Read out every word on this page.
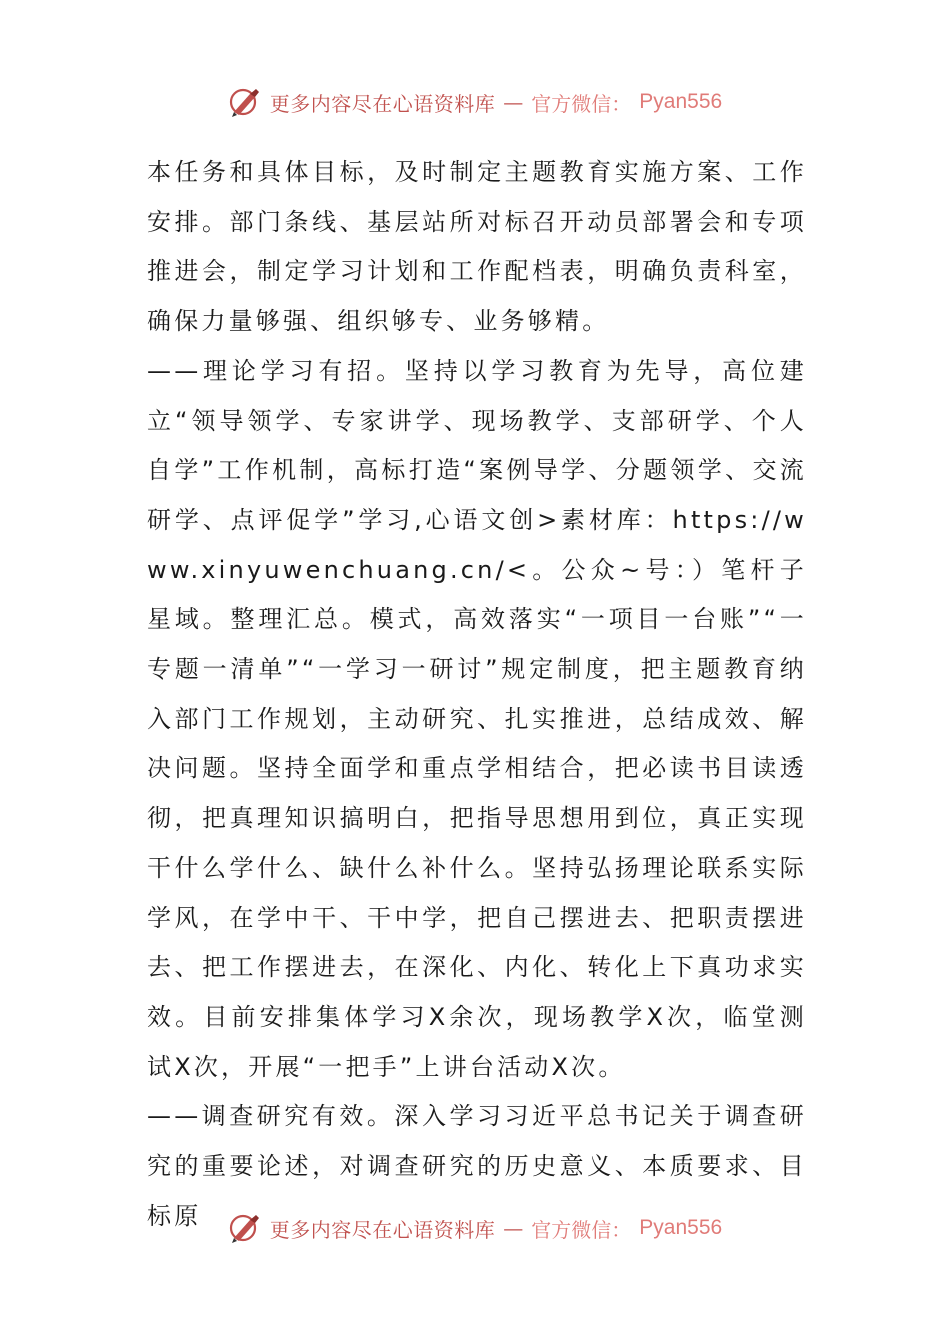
更多内容尽在心语资料库 — 官方微信： Pyan556

本任务和具体目标，及时制定主题教育实施方案、工作安排。部门条线、基层站所对标召开动员部署会和专项推进会，制定学习计划和工作配档表，明确负责科室，确保力量够强、组织够专、业务够精。

——理论学习有招。坚持以学习教育为先导，高位建立“领导领学、专家讲学、现场教学、支部研学、个人自学”工作机制，高标打造“案例导学、分题领学、交流研学、点评促学”学习,心语文创>素材库：https://www.xinyuwenchuang.cn/<。公众~号：）笔杆子星域。整理汇总。模式，高效落实“一项目一台账”“一专题一清单”“一学习一研讨”规定制度，把主题教育纳入部门工作规划，主动研究、扎实推进，总结成效、解决问题。坚持全面学和重点学相结合，把必读书目读透彻，把真理知识搞明白，把指导思想用到位，真正实现干什么学什么、缺什么补什么。坚持弘扬理论联系实际学风，在学中干、干中学，把自己摆进去、把职责摆进去、把工作摆进去，在深化、内化、转化上下真功求实效。目前安排集体学习X余次，现场教学X次，临堂测试X次，开展“一把手”上讲台活动X次。

——调查研究有效。深入学习习近平总书记关于调查研究的重要论述，对调查研究的历史意义、本质要求、目标原	更多内容尽在心语资料库 — 官方微信： Pyan556
